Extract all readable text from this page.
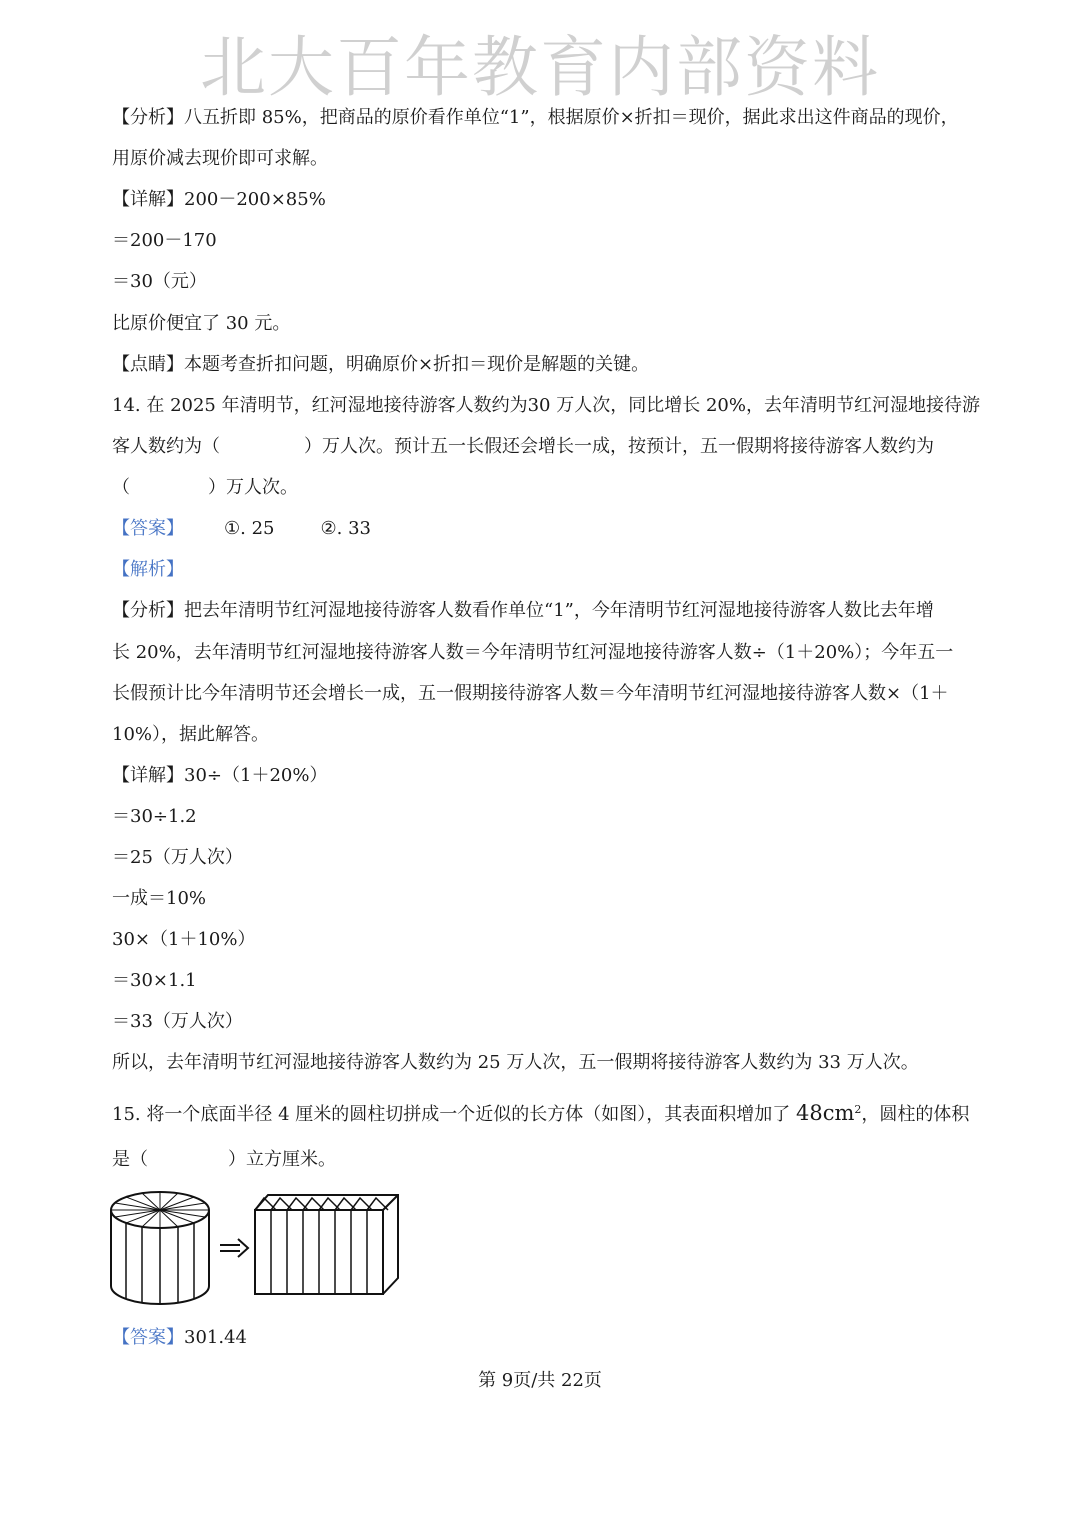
北大百年教育内部资料
【分析】八五折即 85%，把商品的原价看作单位“1”，根据原价×折扣＝现价，据此求出这件商品的现价，
用原价减去现价即可求解。
【详解】200－200×85%
＝200－170
＝30（元）
比原价便宜了 30 元。
【点睛】本题考查折扣问题，明确原价×折扣＝现价是解题的关键。
14. 在 2025 年清明节，红河湿地接待游客人数约为30 万人次，同比增长 20%，去年清明节红河湿地接待游
客人数约为（	）万人次。预计五一长假还会增长一成，按预计，五一假期将接待游客人数约为
（	）万人次。
【答案】 ①. 25	②. 33
【解析】
【分析】把去年清明节红河湿地接待游客人数看作单位“1”，今年清明节红河湿地接待游客人数比去年增
长 20%，去年清明节红河湿地接待游客人数＝今年清明节红河湿地接待游客人数÷（1＋20%）；今年五一
长假预计比今年清明节还会增长一成，五一假期接待游客人数＝今年清明节红河湿地接待游客人数×（1＋
10%），据此解答。
【详解】30÷（1＋20%）
＝30÷1.2
＝25（万人次）
一成＝10%
30×（1＋10%）
＝30×1.1
＝33（万人次）
所以，去年清明节红河湿地接待游客人数约为 25 万人次，五一假期将接待游客人数约为 33 万人次。
15. 将一个底面半径 4 厘米的圆柱切拼成一个近似的长方体（如图），其表面积增加了 $48cm^2$，圆柱的体积
是（	）立方厘米。
【答案】301.44
第 9页/共 22页
